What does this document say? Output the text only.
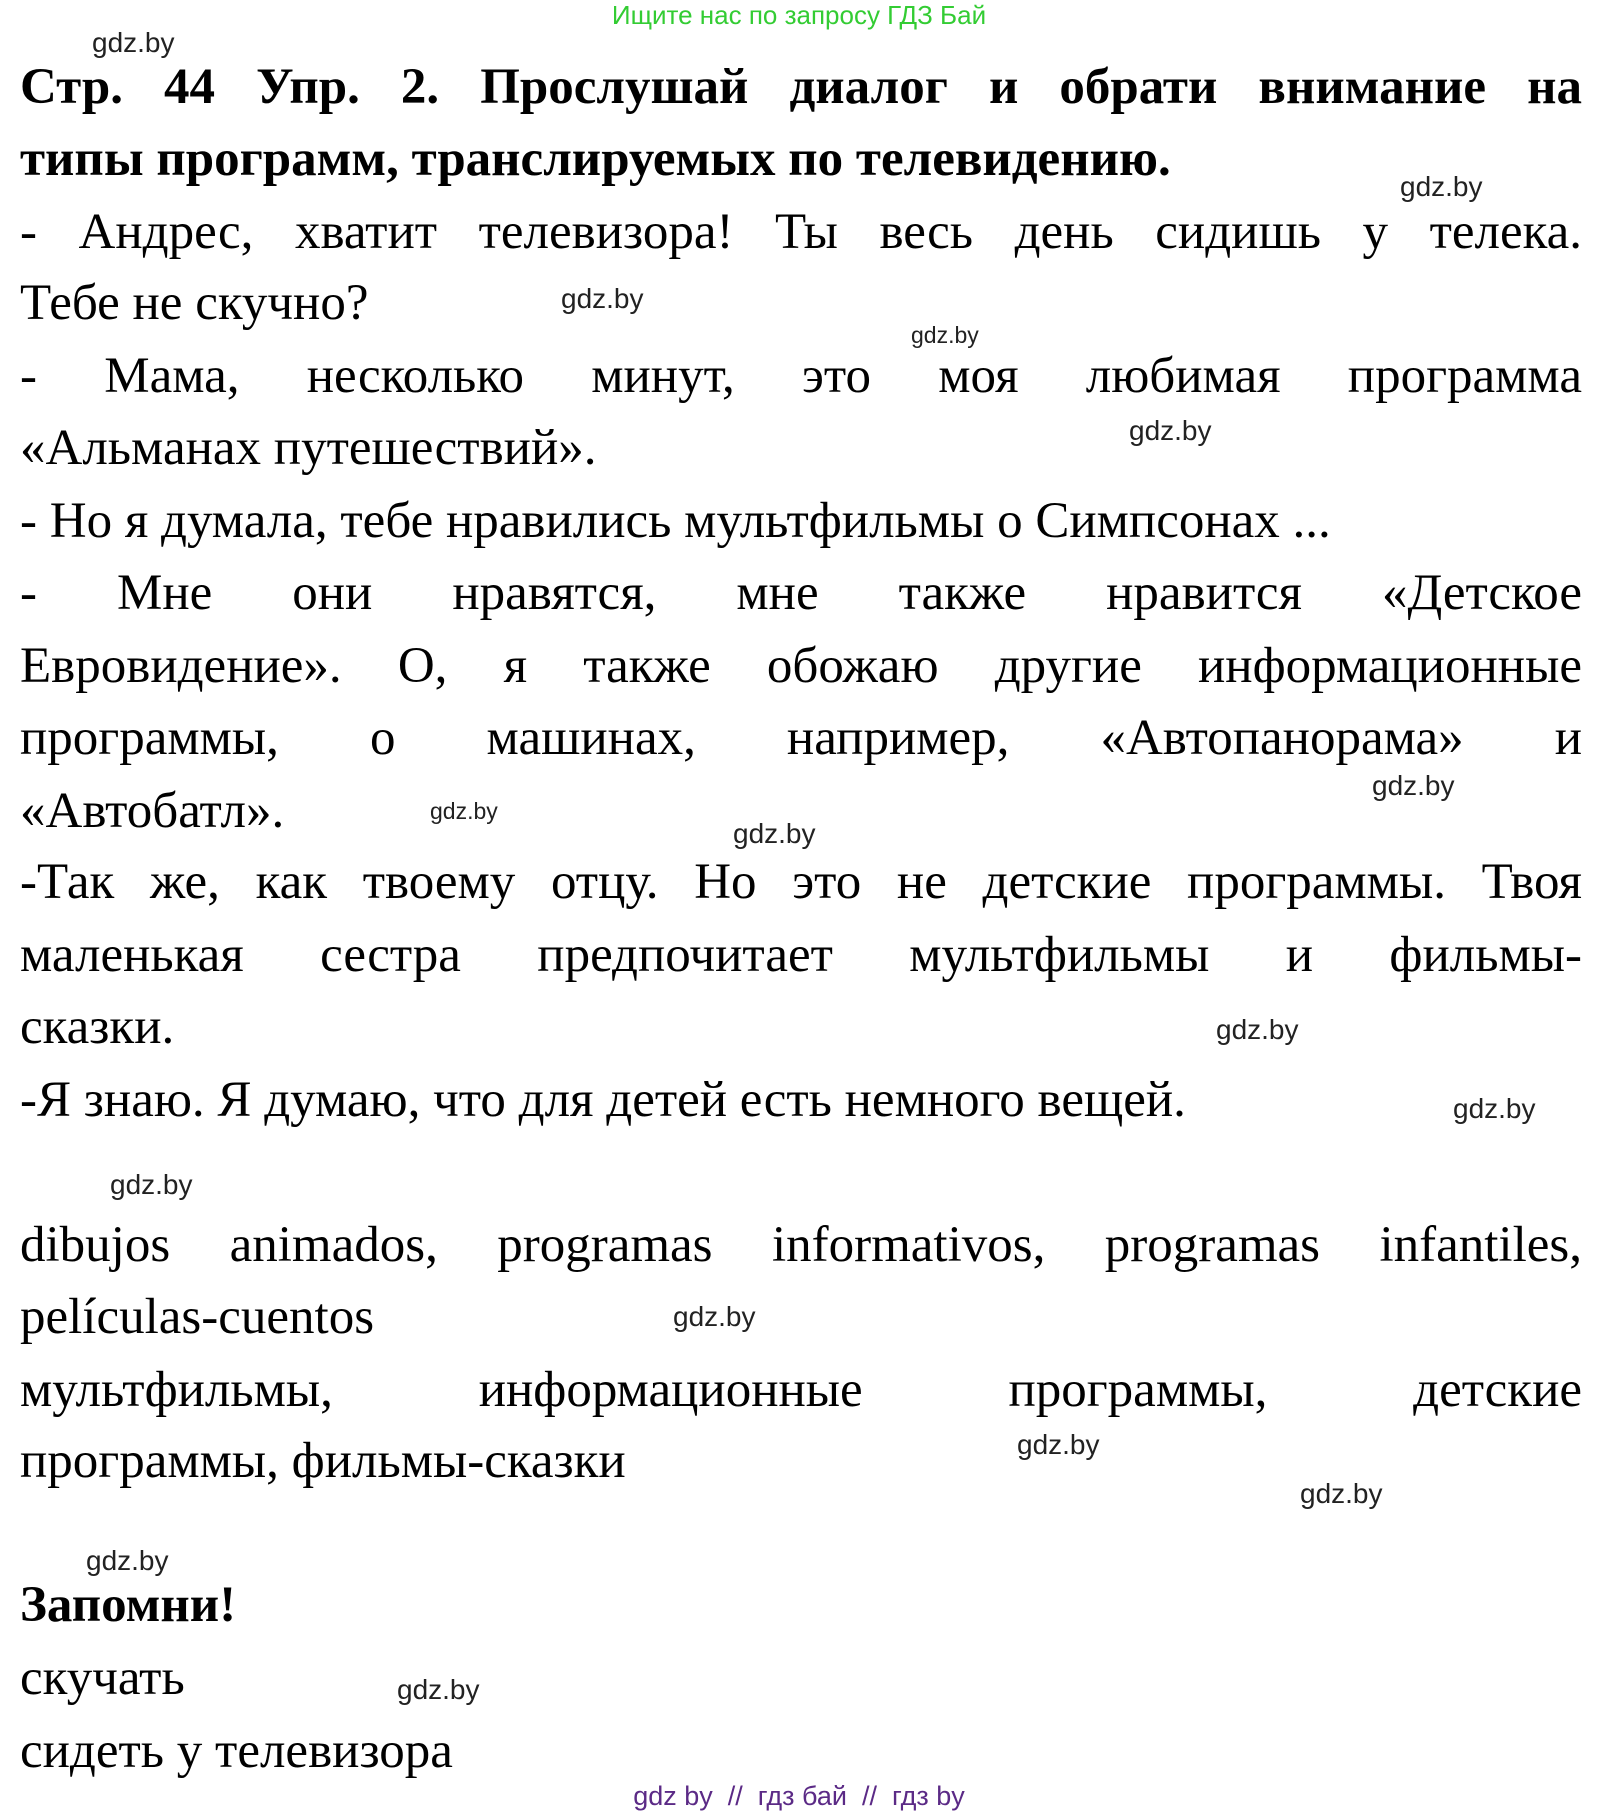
Ищите нас по запросу ГДЗ Бай
Стр. 44 Упр. 2. Прослушай диалог и обрати внимание на
типы программ, транслируемых по телевидению.
- Андрес, хватит телевизора! Ты весь день сидишь у телека.
Тебе не скучно?
- Мама, несколько минут, это моя любимая программа
«Альманах путешествий».
- Но я думала, тебе нравились мультфильмы о Симпсонах ...
- Мне они нравятся, мне также нравится «Детское
Евровидение». О, я также обожаю другие информационные
программы, о машинах, например, «Автопанорама» и
«Автобатл».
-Так же, как твоему отцу. Но это не детские программы. Твоя
маленькая сестра предпочитает мультфильмы и фильмы-
сказки.
-Я знаю. Я думаю, что для детей есть немного вещей.
dibujos animados, programas informativos, programas infantiles,
películas-cuentos
мультфильмы, информационные программы, детские
программы, фильмы-сказки
Запомни!
скучать
сидеть у телевизора
gdz.by
gdz.by
gdz.by
gdz.by
gdz.by
gdz.by
gdz.by
gdz.by
gdz.by
gdz.by
gdz.by
gdz.by
gdz.by
gdz.by
gdz.by
gdz.by
gdz by  //  гдз бай  //  гдз by
